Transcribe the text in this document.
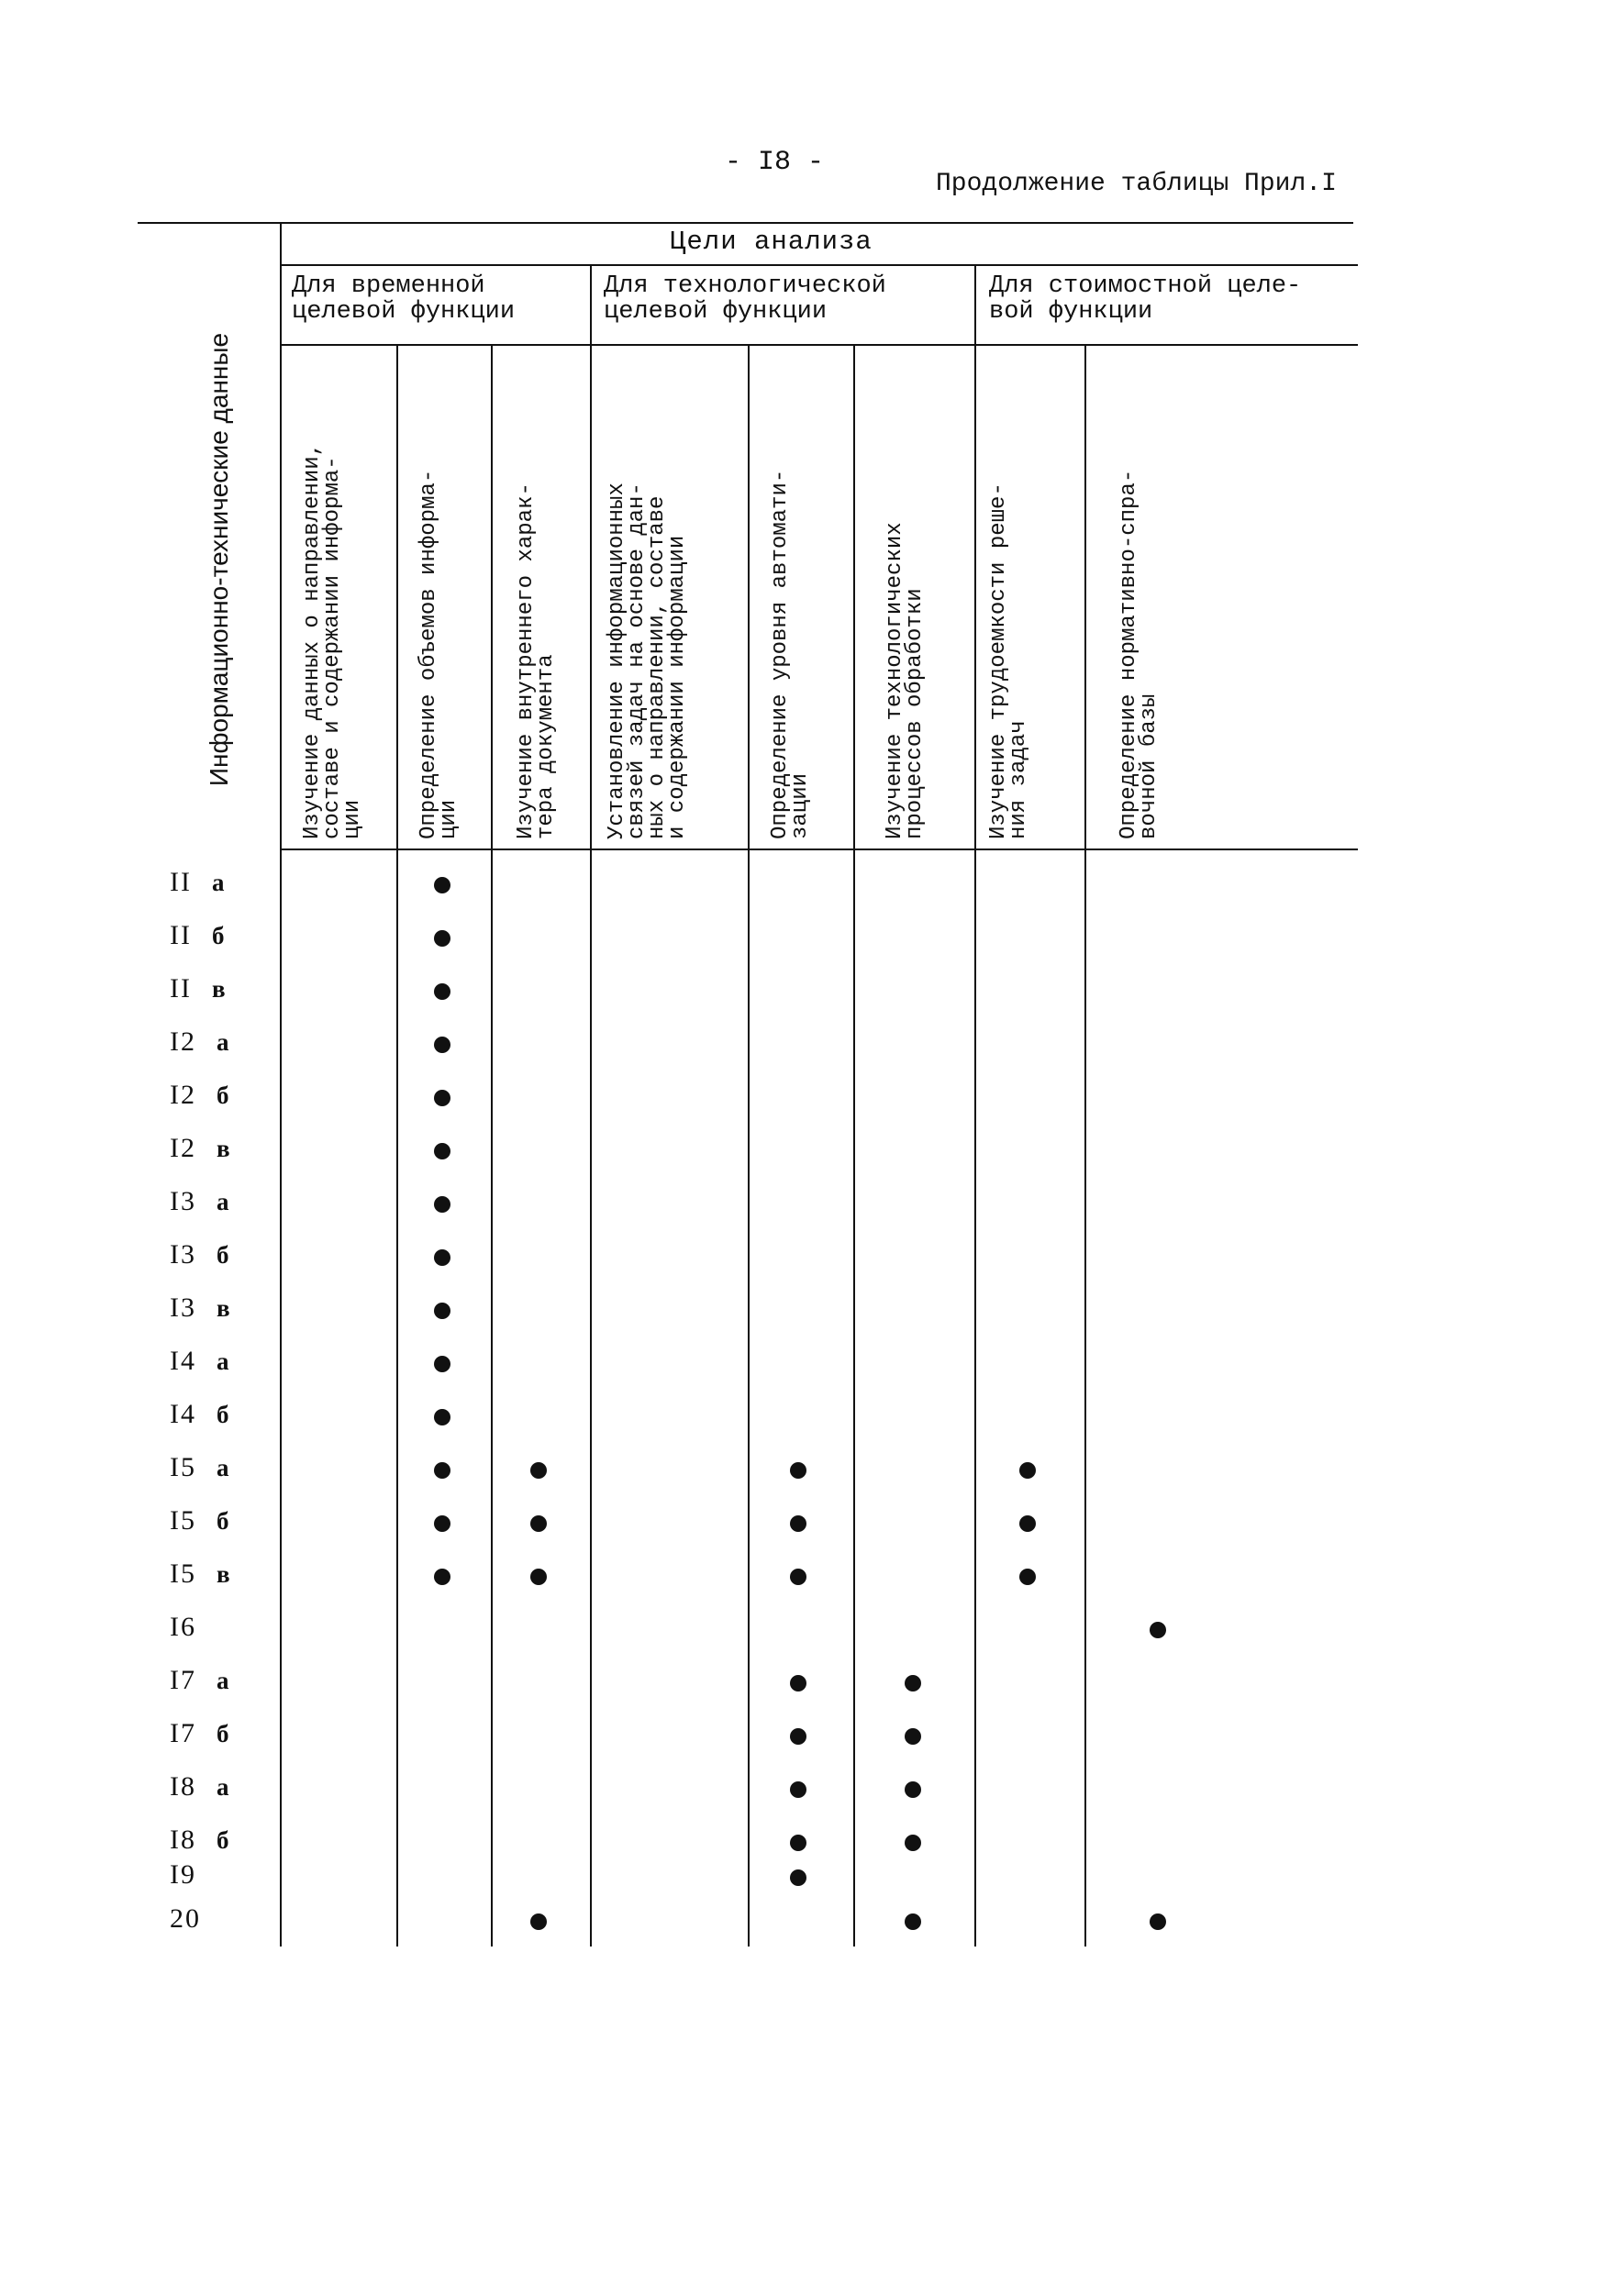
- I8 -
Продолжение таблицы Прил.I
Цели анализа
Для временной
целевой функции
Для технологической
целевой функции
Для стоимостной целе-
вой функции
Информационно-технические данные
Изучение данных о направлении,
составе и содержании информа-
ции Определение объемов информа-
ции Изучение внутреннего харак-
тера документа Установление информационных
связей задач на основе дан-
ных о направлении, составе
и содержании информации
Определение уровня автомати-
зации	Изучение технологических
процессов обработки
Изучение трудоемкости реше-
ния задач	Определение нормативно-спра-
вочной базы
II а
II б
II в
I2 а
I2 б
I2 в
I3 а
I3 б
I3 в
I4 а
I4 б
I5 а
I5 б
I5 в
I6
I7 а
I7 б
I8 а
I8 б
I9
20
